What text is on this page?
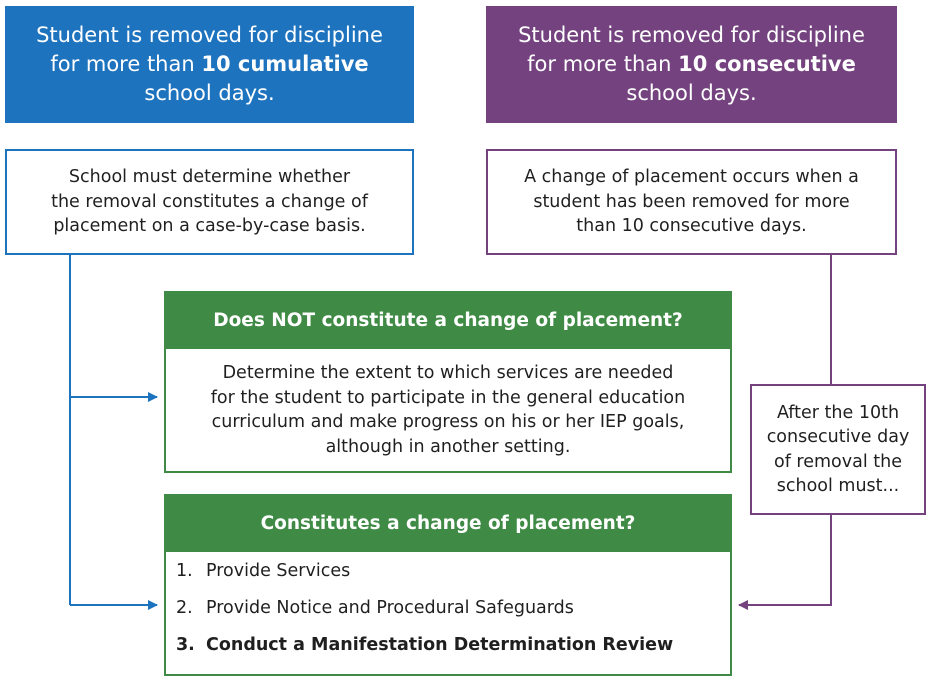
Student is removed for discipline
for more than 10 cumulative
school days.
Student is removed for discipline
for more than 10 consecutive
school days.
School must determine whether
the removal constitutes a change of
placement on a case-by-case basis.
A change of placement occurs when a
student has been removed for more
than 10 consecutive days.
After the 10th
consecutive day
of removal the
school must...
Does NOT constitute a change of placement?
Determine the extent to which services are needed
for the student to participate in the general education
curriculum and make progress on his or her IEP goals,
although in another setting.
Constitutes a change of placement?
1. Provide Services
2. Provide Notice and Procedural Safeguards
3. Conduct a Manifestation Determination Review
